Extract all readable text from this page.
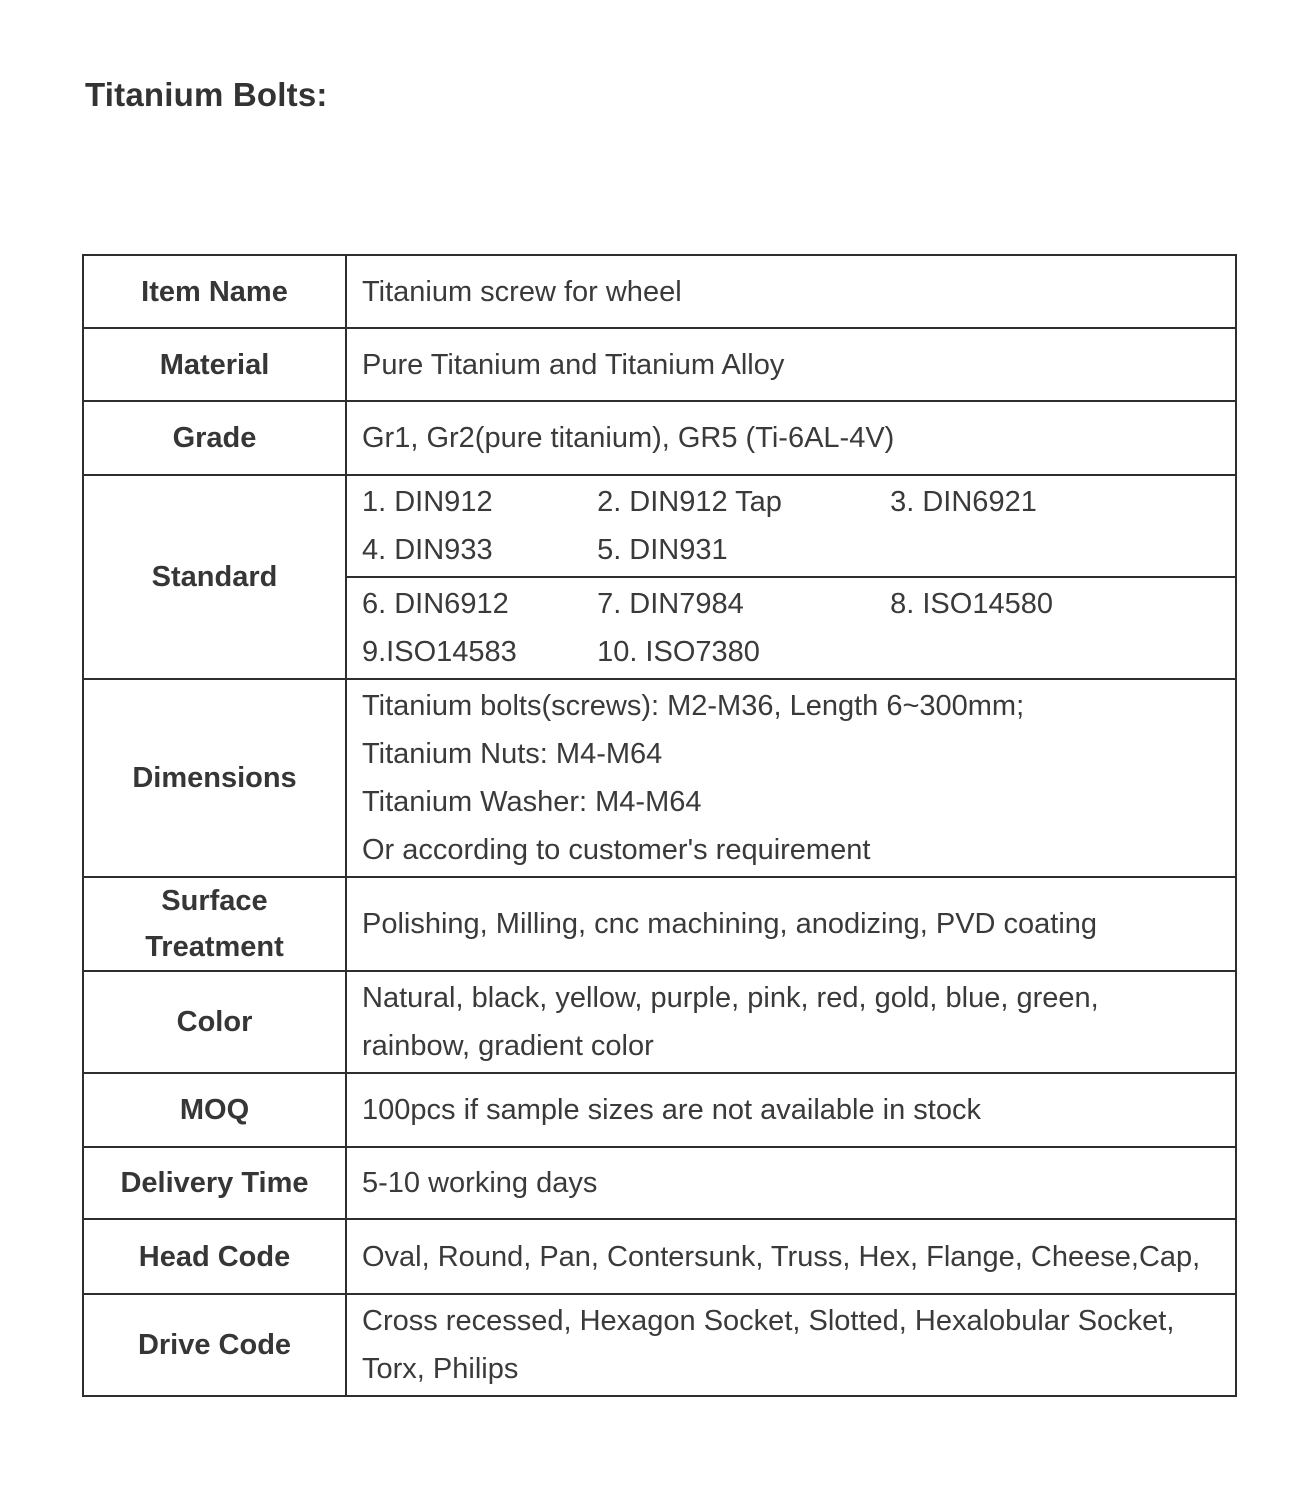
Titanium Bolts:
Item Name	Titanium screw for wheel
Material	Pure Titanium and Titanium Alloy
Grade	Gr1, Gr2(pure titanium), GR5 (Ti-6AL-4V)
Standard	1. DIN912 2. DIN912 Tap 3. DIN6921
4. DIN933 5. DIN931

	6. DIN6912 7. DIN7984 8. ISO14580
9.ISO14583 10. ISO7380

Dimensions	Titanium bolts(screws): M2-M36, Length 6~300mm;
Titanium Nuts: M4-M64
Titanium Washer: M4-M64
Or according to customer's requirement

Surface Treatment	Polishing, Milling, cnc machining, anodizing, PVD coating
Color	Natural, black, yellow, purple, pink, red, gold, blue, green,
rainbow, gradient color

MOQ	100pcs if sample sizes are not available in stock
Delivery Time	5-10 working days
Head Code	Oval, Round, Pan, Contersunk, Truss, Hex, Flange, Cheese,Cap,
Drive Code	Cross recessed, Hexagon Socket, Slotted, Hexalobular Socket,
Torx, Philips
